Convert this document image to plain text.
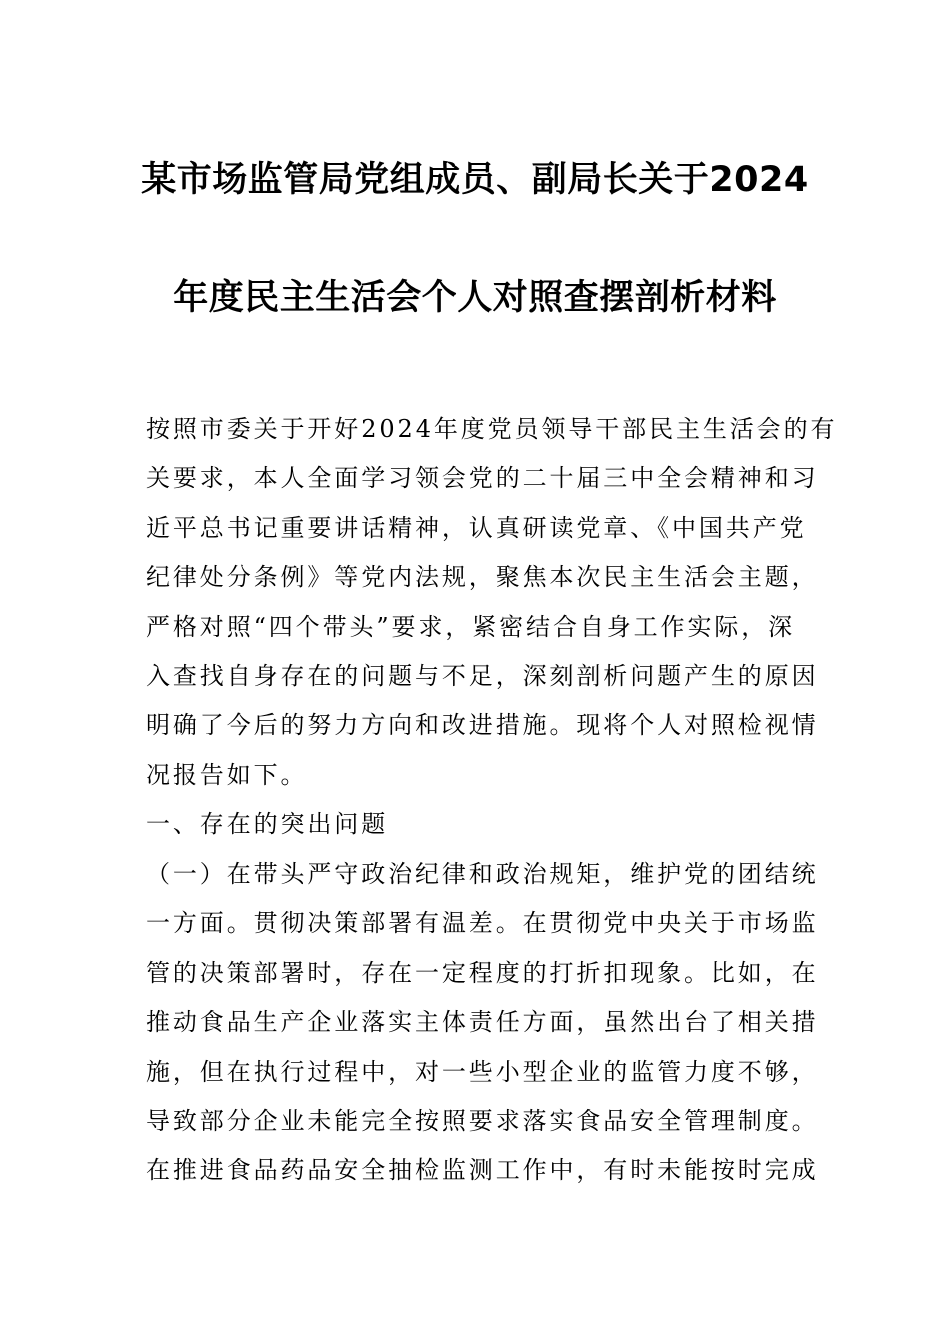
某市场监管局党组成员、副局长关于2024
年度民主生活会个人对照查摆剖析材料
按照市委关于开好2024年度党员领导干部民主生活会的有
关要求，本人全面学习领会党的二十届三中全会精神和习
近平总书记重要讲话精神，认真研读党章、《中国共产党
纪律处分条例》等党内法规，聚焦本次民主生活会主题，
严格对照“四个带头”要求，紧密结合自身工作实际，深
入查找自身存在的问题与不足，深刻剖析问题产生的原因
明确了今后的努力方向和改进措施。现将个人对照检视情
况报告如下。
一、存在的突出问题
（一）在带头严守政治纪律和政治规矩，维护党的团结统
一方面。贯彻决策部署有温差。在贯彻党中央关于市场监
管的决策部署时，存在一定程度的打折扣现象。比如，在
推动食品生产企业落实主体责任方面，虽然出台了相关措
施，但在执行过程中，对一些小型企业的监管力度不够，
导致部分企业未能完全按照要求落实食品安全管理制度。
在推进食品药品安全抽检监测工作中，有时未能按时完成
